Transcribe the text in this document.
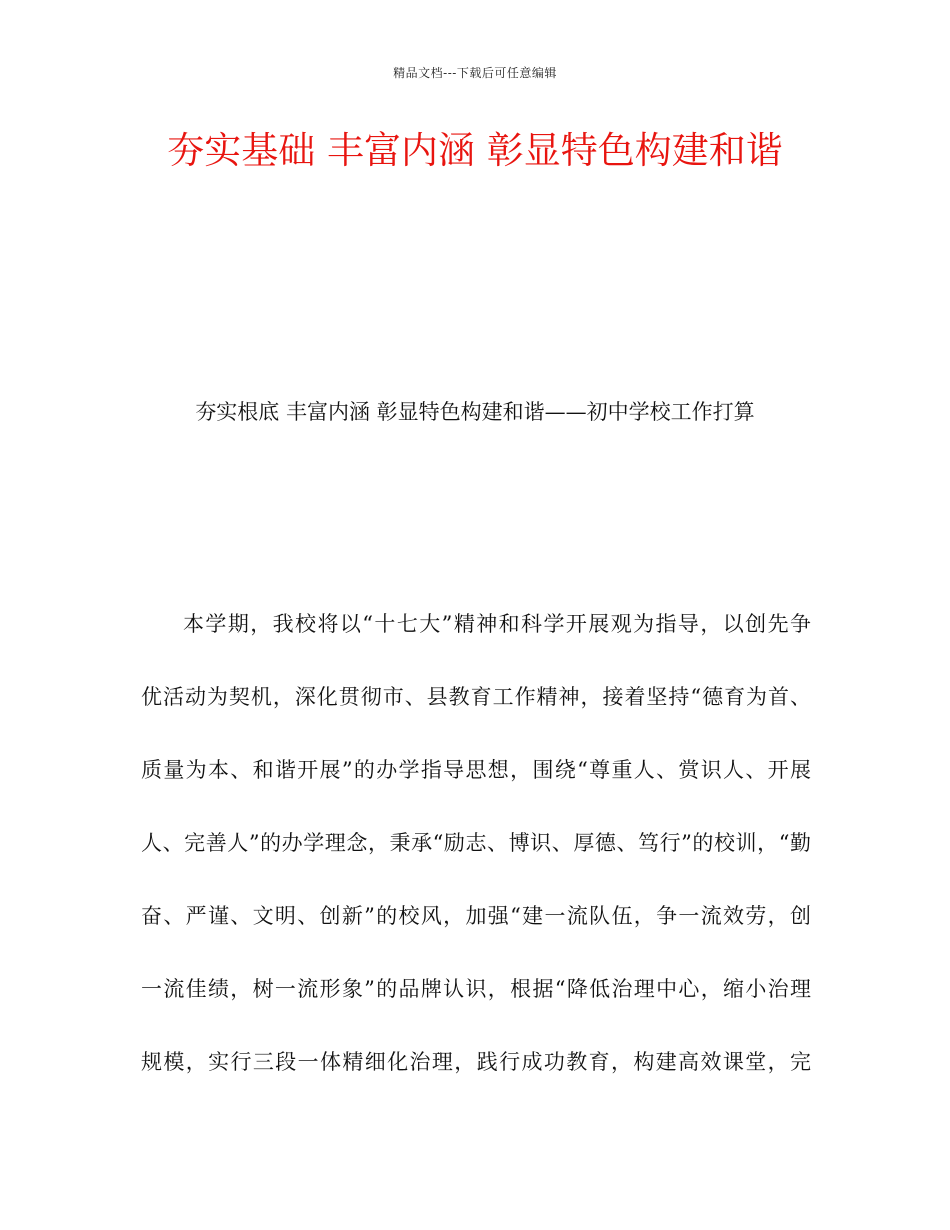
精品文档---下载后可任意编辑
夯实基础 丰富内涵 彰显特色构建和谐
夯实根底 丰富内涵 彰显特色构建和谐——初中学校工作打算
本学期，我校将以“十七大”精神和科学开展观为指导，以创先争
优活动为契机，深化贯彻市、县教育工作精神，接着坚持“德育为首、
质量为本、和谐开展”的办学指导思想，围绕“尊重人、赏识人、开展
人、完善人”的办学理念，秉承“励志、博识、厚德、笃行”的校训，“勤
奋、严谨、文明、创新”的校风，加强“建一流队伍，争一流效劳，创
一流佳绩，树一流形象”的品牌认识，根据“降低治理中心，缩小治理
规模，实行三段一体精细化治理，践行成功教育，构建高效课堂，完
